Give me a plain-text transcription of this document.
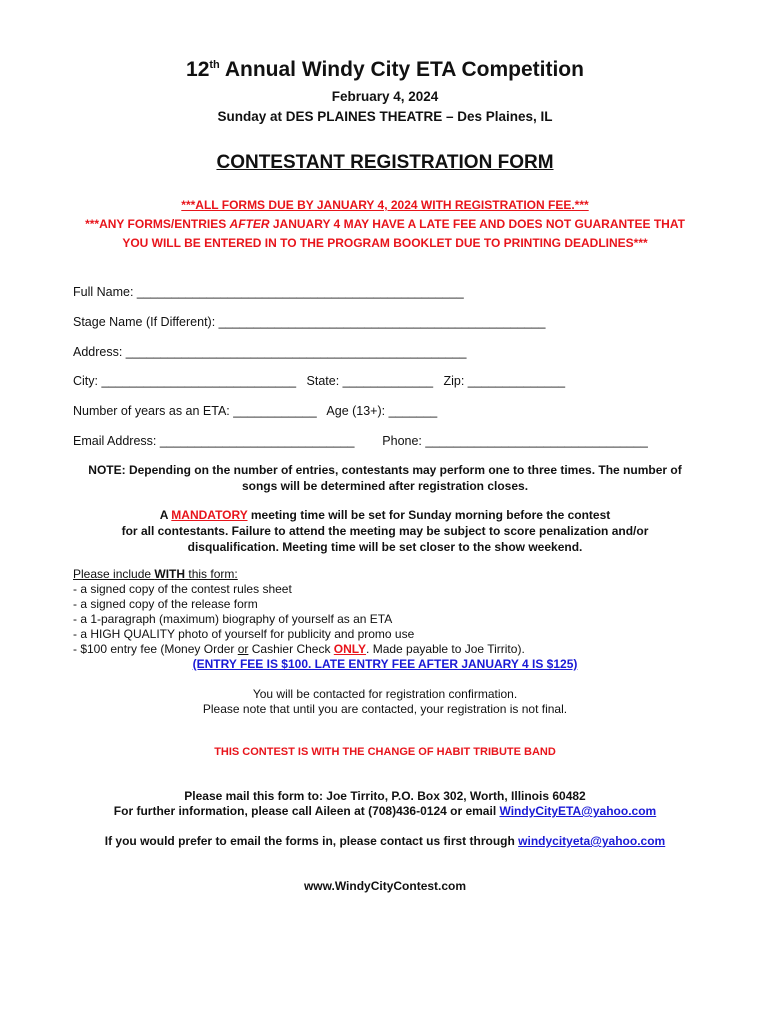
12th Annual Windy City ETA Competition
February 4, 2024
Sunday at DES PLAINES THEATRE – Des Plaines, IL
CONTESTANT REGISTRATION FORM
***ALL FORMS DUE BY JANUARY 4, 2024 WITH REGISTRATION FEE.***
***ANY FORMS/ENTRIES AFTER JANUARY 4 MAY HAVE A LATE FEE AND DOES NOT GUARANTEE THAT
YOU WILL BE ENTERED IN TO THE PROGRAM BOOKLET DUE TO PRINTING DEADLINES***
Full Name: _______________________________________________
Stage Name (If Different): _______________________________________________
Address: _________________________________________________
City: ____________________________   State: _____________   Zip: ______________
Number of years as an ETA: ____________   Age (13+): _______
Email Address: ____________________________        Phone: ________________________________
NOTE: Depending on the number of entries, contestants may perform one to three times. The number of
songs will be determined after registration closes.
A MANDATORY meeting time will be set for Sunday morning before the contest
for all contestants. Failure to attend the meeting may be subject to score penalization and/or
disqualification. Meeting time will be set closer to the show weekend.
Please include WITH this form:
- a signed copy of the contest rules sheet
- a signed copy of the release form
- a 1-paragraph (maximum) biography of yourself as an ETA
- a HIGH QUALITY photo of yourself for publicity and promo use
- $100 entry fee (Money Order or Cashier Check ONLY. Made payable to Joe Tirrito).
(ENTRY FEE IS $100. LATE ENTRY FEE AFTER JANUARY 4 IS $125)
You will be contacted for registration confirmation.
Please note that until you are contacted, your registration is not final.
THIS CONTEST IS WITH THE CHANGE OF HABIT TRIBUTE BAND
Please mail this form to: Joe Tirrito, P.O. Box 302, Worth, Illinois 60482
For further information, please call Aileen at (708)436-0124 or email WindyCityETA@yahoo.com
If you would prefer to email the forms in, please contact us first through windycityeta@yahoo.com
www.WindyCityContest.com
